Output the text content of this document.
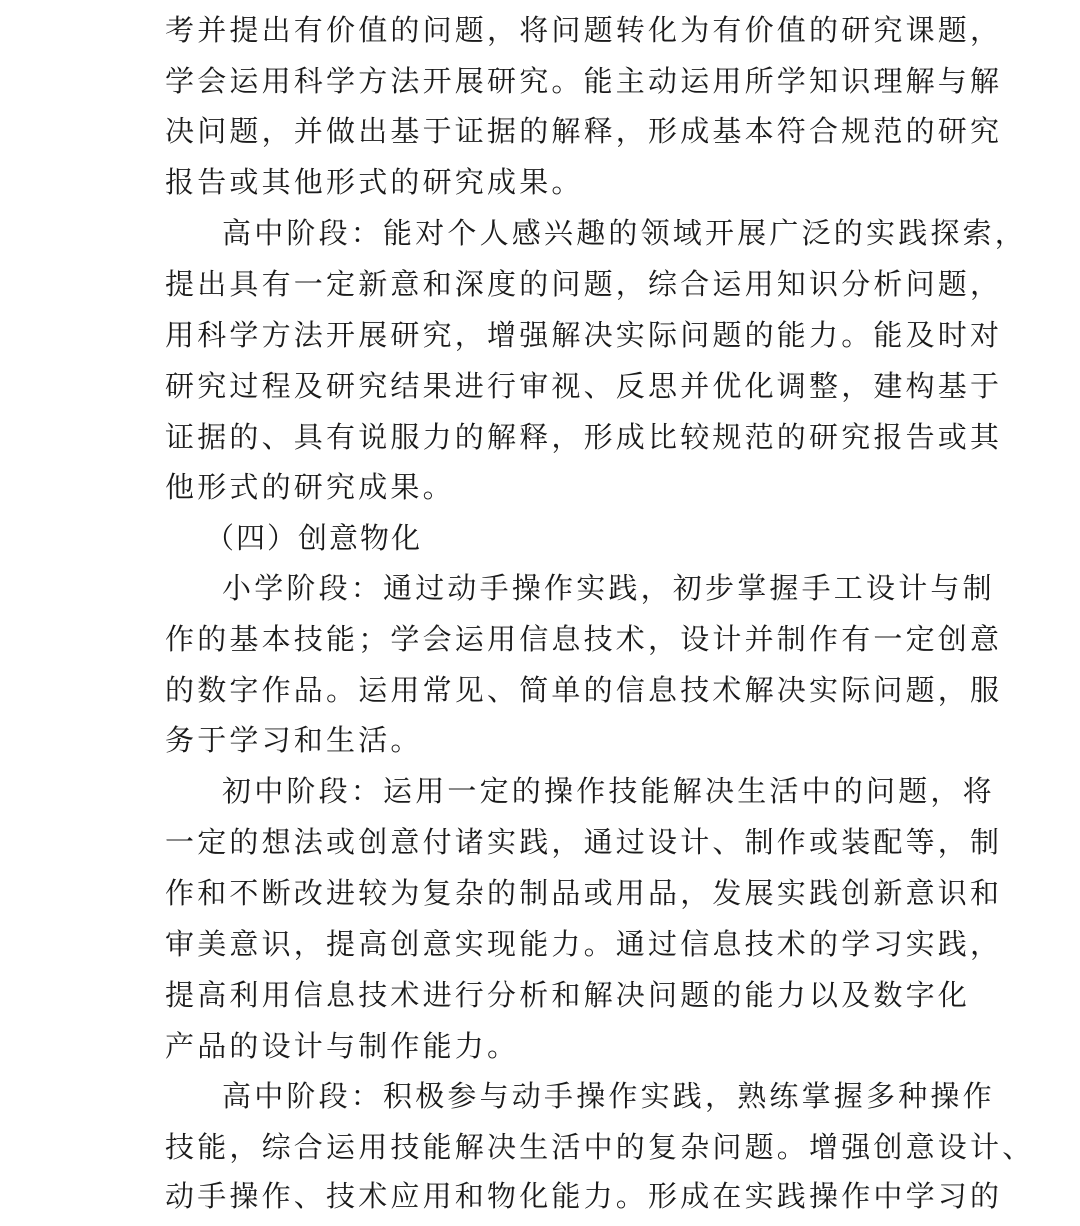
考并提出有价值的问题，将问题转化为有价值的研究课题，
学会运用科学方法开展研究。能主动运用所学知识理解与解
决问题，并做出基于证据的解释，形成基本符合规范的研究
报告或其他形式的研究成果。
高中阶段：能对个人感兴趣的领域开展广泛的实践探索，
提出具有一定新意和深度的问题，综合运用知识分析问题，
用科学方法开展研究，增强解决实际问题的能力。能及时对
研究过程及研究结果进行审视、反思并优化调整，建构基于
证据的、具有说服力的解释，形成比较规范的研究报告或其
他形式的研究成果。
（四）创意物化
小学阶段：通过动手操作实践，初步掌握手工设计与制
作的基本技能；学会运用信息技术，设计并制作有一定创意
的数字作品。运用常见、简单的信息技术解决实际问题，服
务于学习和生活。
初中阶段：运用一定的操作技能解决生活中的问题，将
一定的想法或创意付诸实践，通过设计、制作或装配等，制
作和不断改进较为复杂的制品或用品，发展实践创新意识和
审美意识，提高创意实现能力。通过信息技术的学习实践，
提高利用信息技术进行分析和解决问题的能力以及数字化
产品的设计与制作能力。
高中阶段：积极参与动手操作实践，熟练掌握多种操作
技能，综合运用技能解决生活中的复杂问题。增强创意设计、
动手操作、技术应用和物化能力。形成在实践操作中学习的
